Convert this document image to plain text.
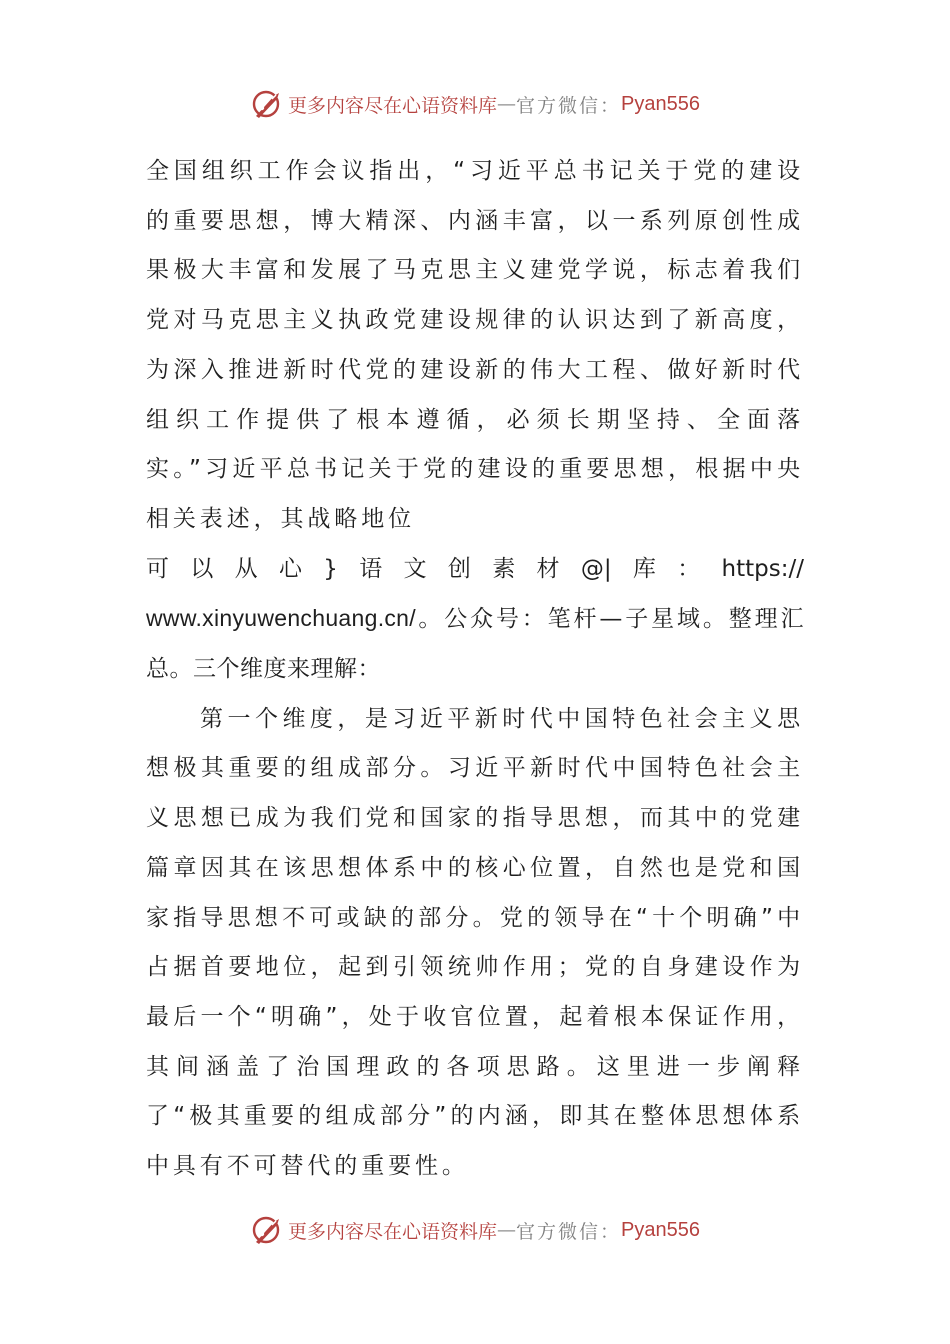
更多内容尽在心语资料库 — 官方微信： Pyan556

全国组织工作会议指出，“习近平总书记关于党的建设的重要思想，博大精深、内涵丰富，以一系列原创性成果极大丰富和发展了马克思主义建党学说，标志着我们党对马克思主义执政党建设规律的认识达到了新高度，为深入推进新时代党的建设新的伟大工程、做好新时代组织工作提供了根本遵循，必须长期坚持、全面落实。”习近平总书记关于党的建设的重要思想，根据中央相关表述，其战略地位

可以从心}语文创素材@|库：https://

www.xinyuwenchuang.cn/。公众号：笔杆—子星域。整理汇总。三个维度来理解：

第一个维度，是习近平新时代中国特色社会主义思想极其重要的组成部分。习近平新时代中国特色社会主义思想已成为我们党和国家的指导思想，而其中的党建篇章因其在该思想体系中的核心位置，自然也是党和国家指导思想不可或缺的部分。党的领导在“十个明确”中占据首要地位，起到引领统帅作用；党的自身建设作为最后一个“明确”，处于收官位置，起着根本保证作用，其间涵盖了治国理政的各项思路。这里进一步阐释了“极其重要的组成部分”的内涵，即其在整体思想体系中具有不可替代的重要性。

更多内容尽在心语资料库 — 官方微信： Pyan556
